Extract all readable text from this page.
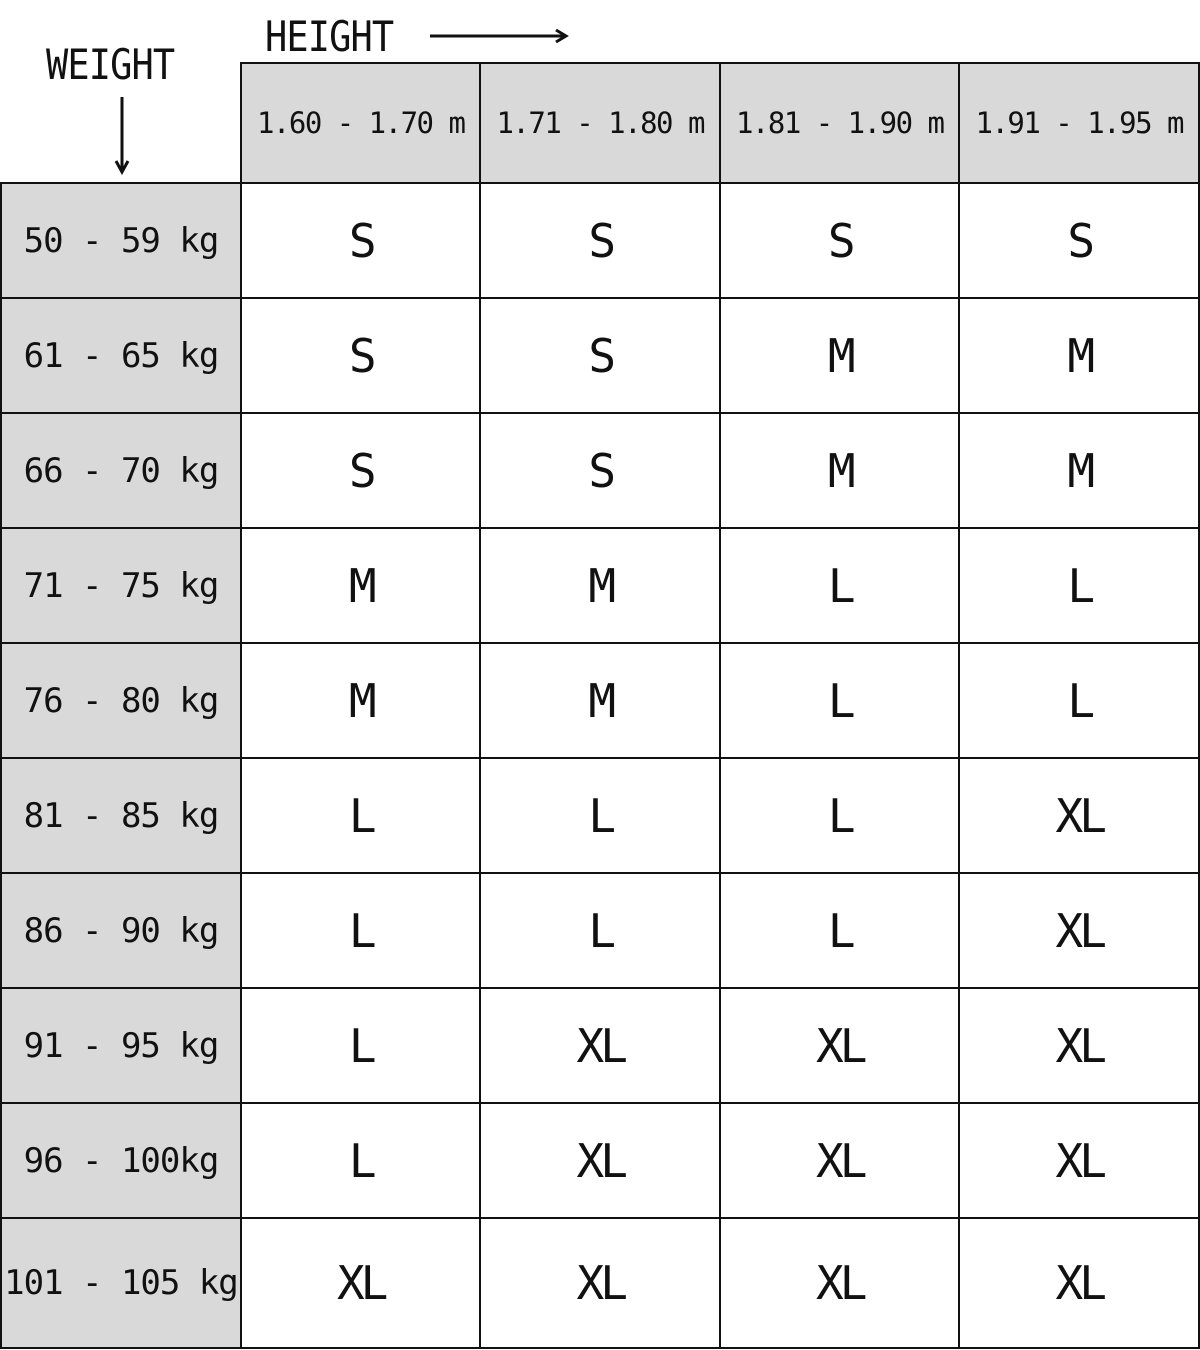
HEIGHT
WEIGHT
	1.60 - 1.70 m	1.71 - 1.80 m	1.81 - 1.90 m	1.91 - 1.95 m
50 - 59 kg	S	S	S	S
61 - 65 kg	S	S	M	M
66 - 70 kg	S	S	M	M
71 - 75 kg	M	M	L	L
76 - 80 kg	M	M	L	L
81 - 85 kg	L	L	L	XL
86 - 90 kg	L	L	L	XL
91 - 95 kg	L	XL	XL	XL
96 - 100kg	L	XL	XL	XL
101 - 105 kg	XL	XL	XL	XL
